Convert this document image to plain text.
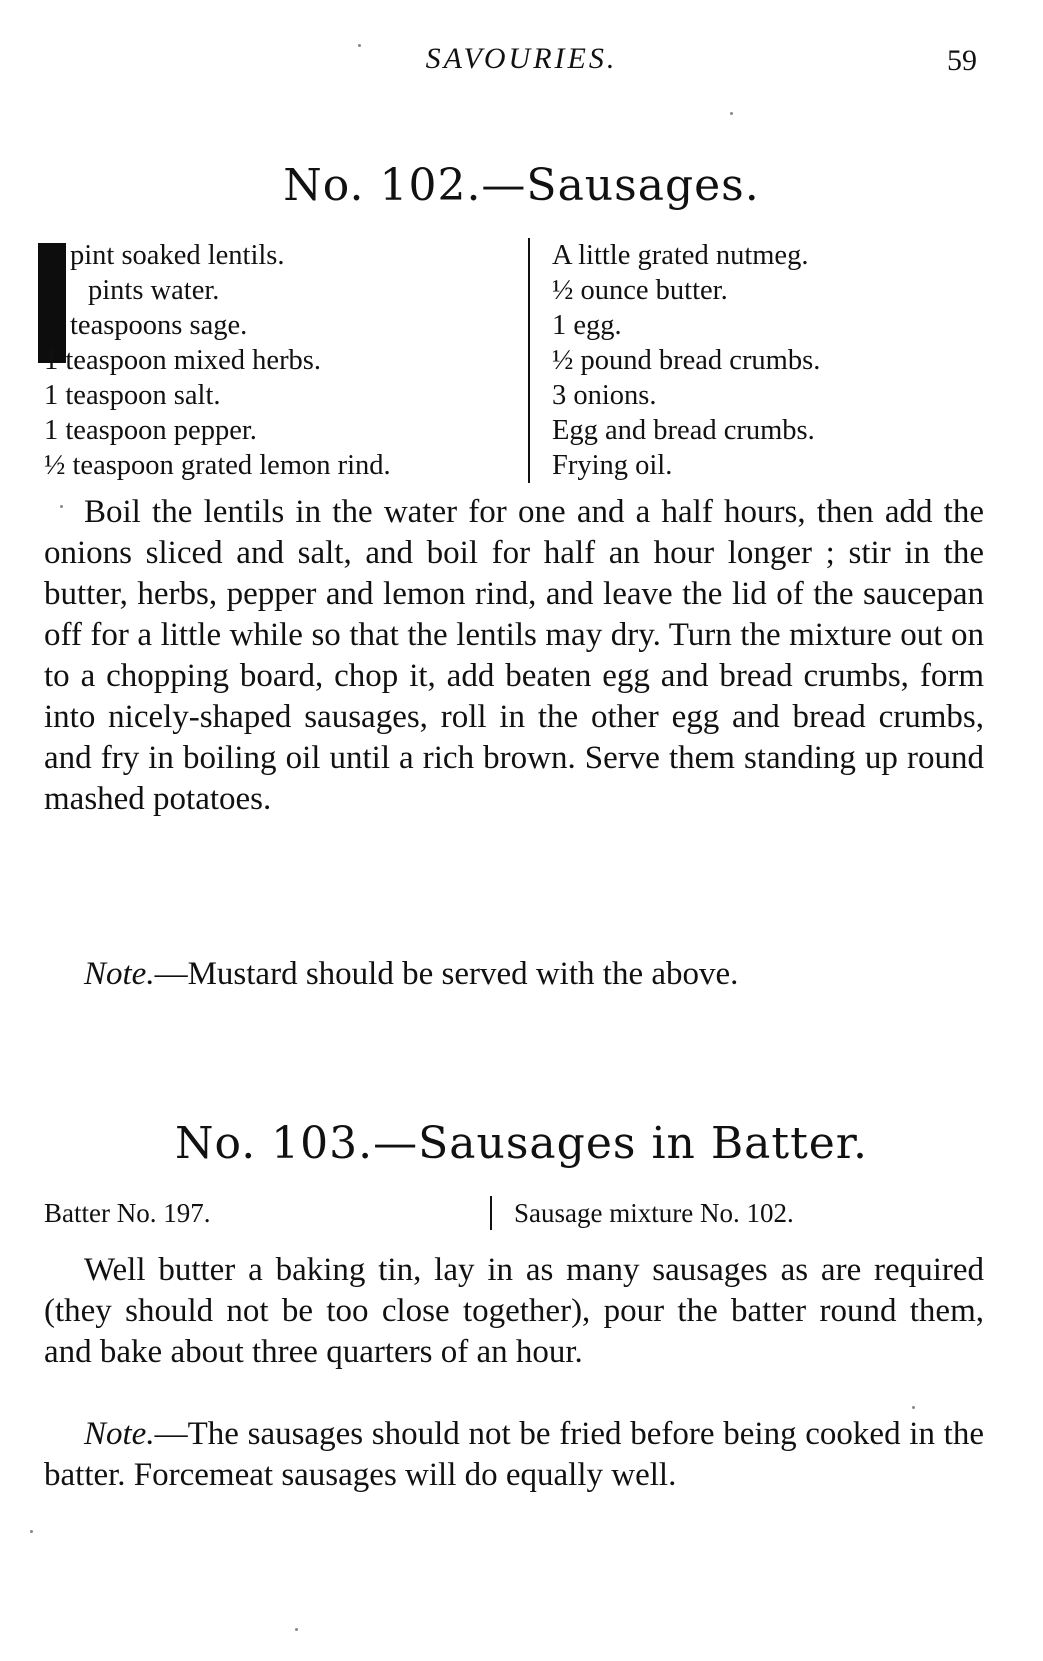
SAVOURIES.	59
No. 102.—Sausages.
pint soaked lentils.
pints water.
teaspoons sage.
1 teaspoon mixed herbs.
1 teaspoon salt.
1 teaspoon pepper.
½ teaspoon grated lemon rind.
A little grated nutmeg.
½ ounce butter.
1 egg.
½ pound bread crumbs.
3 onions.
Egg and bread crumbs.
Frying oil.

Boil the lentils in the water for one and a half hours, then add the onions sliced and salt, and boil for half an hour longer ; stir in the butter, herbs, pepper and lemon rind, and leave the lid of the saucepan off for a little while so that the lentils may dry. Turn the mixture out on to a chopping board, chop it, add beaten egg and bread crumbs, form into nicely-shaped sausages, roll in the other egg and bread crumbs, and fry in boiling oil until a rich brown. Serve them standing up round mashed potatoes.

Note.—Mustard should be served with the above.

No. 103.—Sausages in Batter.
Batter No. 197.	Sausage mixture No. 102.

Well butter a baking tin, lay in as many sausages as are required (they should not be too close together), pour the batter round them, and bake about three quarters of an hour.

Note.—The sausages should not be fried before being cooked in the batter. Forcemeat sausages will do equally well.
